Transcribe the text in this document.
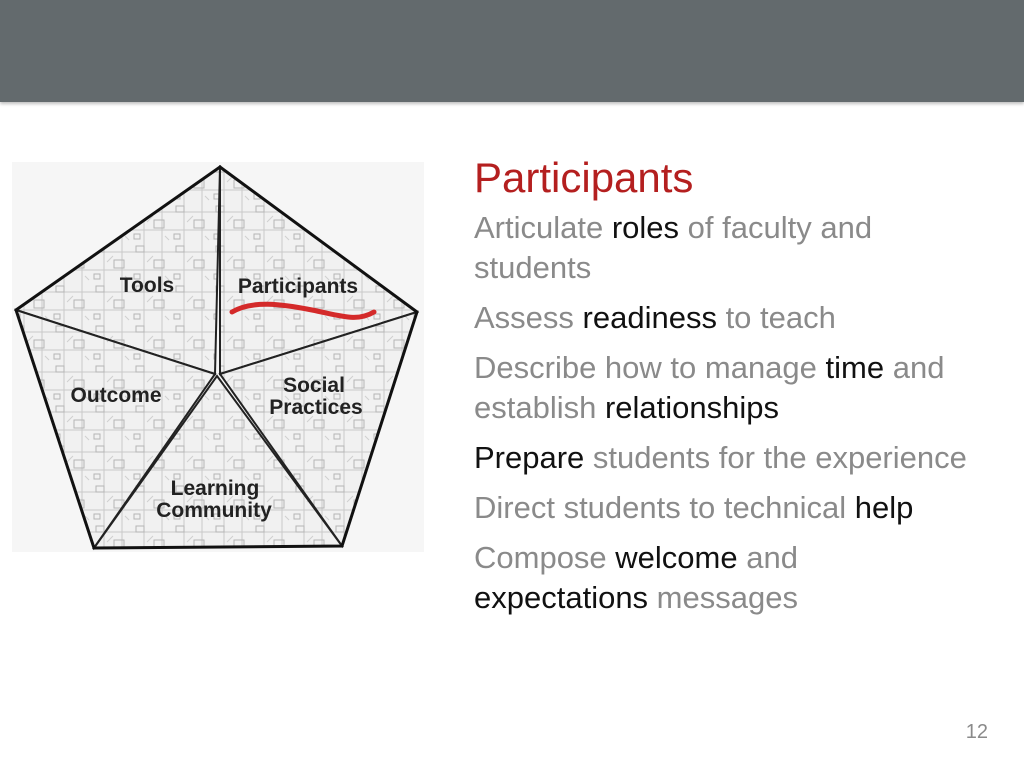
Tools	Participants
Outcome	Social
Practices
Learning
Community
Participants
Articulate roles of faculty and students
Assess readiness to teach
Describe how to manage time and establish relationships
Prepare students for the experience
Direct students to technical help
Compose welcome and expectations messages
12
